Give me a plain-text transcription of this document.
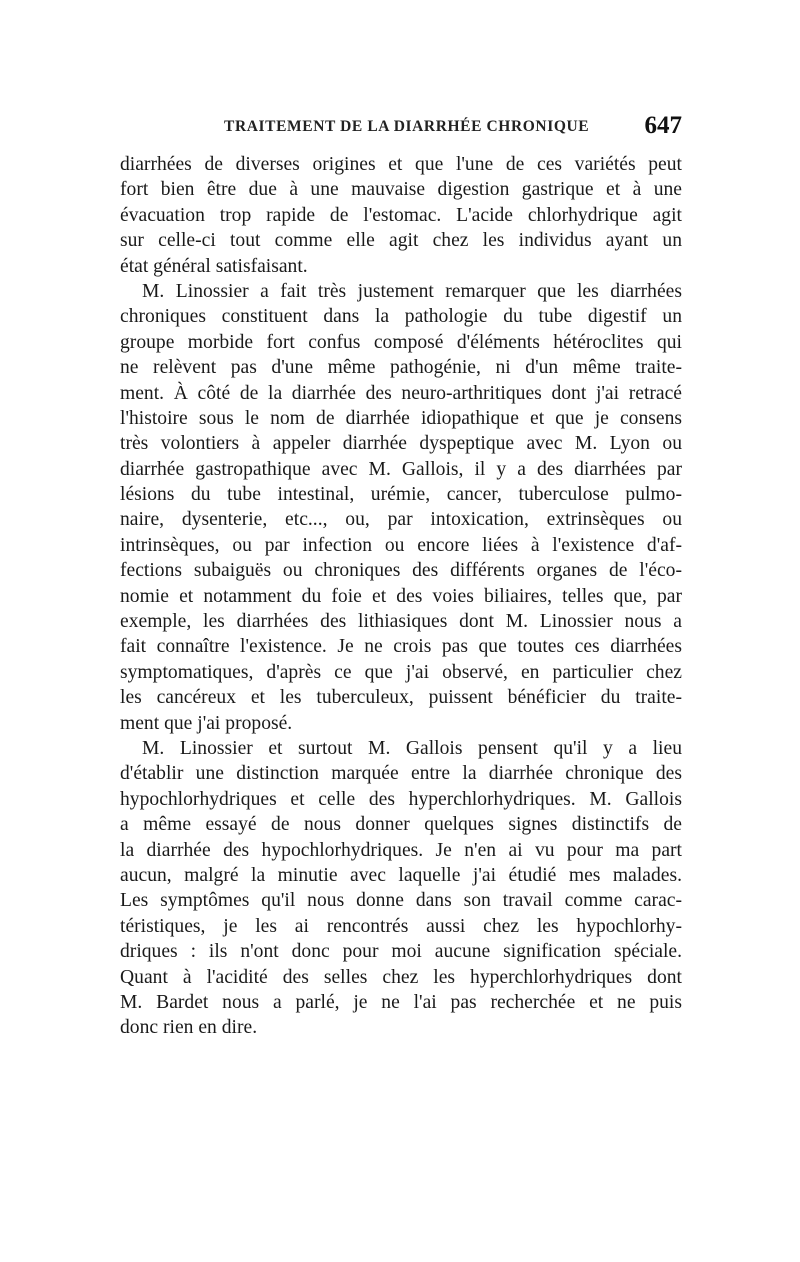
TRAITEMENT DE LA DIARRHÉE CHRONIQUE 647
diarrhées de diverses origines et que l'une de ces variétés peut
fort bien être due à une mauvaise digestion gastrique et à une
évacuation trop rapide de l'estomac. L'acide chlorhydrique agit
sur celle-ci tout comme elle agit chez les individus ayant un
état général satisfaisant.
M. Linossier a fait très justement remarquer que les diarrhées
chroniques constituent dans la pathologie du tube digestif un
groupe morbide fort confus composé d'éléments hétéroclites qui
ne relèvent pas d'une même pathogénie, ni d'un même traite-
ment. À côté de la diarrhée des neuro-arthritiques dont j'ai retracé
l'histoire sous le nom de diarrhée idiopathique et que je consens
très volontiers à appeler diarrhée dyspeptique avec M. Lyon ou
diarrhée gastropathique avec M. Gallois, il y a des diarrhées par
lésions du tube intestinal, urémie, cancer, tuberculose pulmo-
naire, dysenterie, etc..., ou, par intoxication, extrinsèques ou
intrinsèques, ou par infection ou encore liées à l'existence d'af-
fections subaiguës ou chroniques des différents organes de l'éco-
nomie et notamment du foie et des voies biliaires, telles que, par
exemple, les diarrhées des lithiasiques dont M. Linossier nous a
fait connaître l'existence. Je ne crois pas que toutes ces diarrhées
symptomatiques, d'après ce que j'ai observé, en particulier chez
les cancéreux et les tuberculeux, puissent bénéficier du traite-
ment que j'ai proposé.
M. Linossier et surtout M. Gallois pensent qu'il y a lieu
d'établir une distinction marquée entre la diarrhée chronique des
hypochlorhydriques et celle des hyperchlorhydriques. M. Gallois
a même essayé de nous donner quelques signes distinctifs de
la diarrhée des hypochlorhydriques. Je n'en ai vu pour ma part
aucun, malgré la minutie avec laquelle j'ai étudié mes malades.
Les symptômes qu'il nous donne dans son travail comme carac-
téristiques, je les ai rencontrés aussi chez les hypochlorhy-
driques : ils n'ont donc pour moi aucune signification spéciale.
Quant à l'acidité des selles chez les hyperchlorhydriques dont
M. Bardet nous a parlé, je ne l'ai pas recherchée et ne puis
donc rien en dire.
